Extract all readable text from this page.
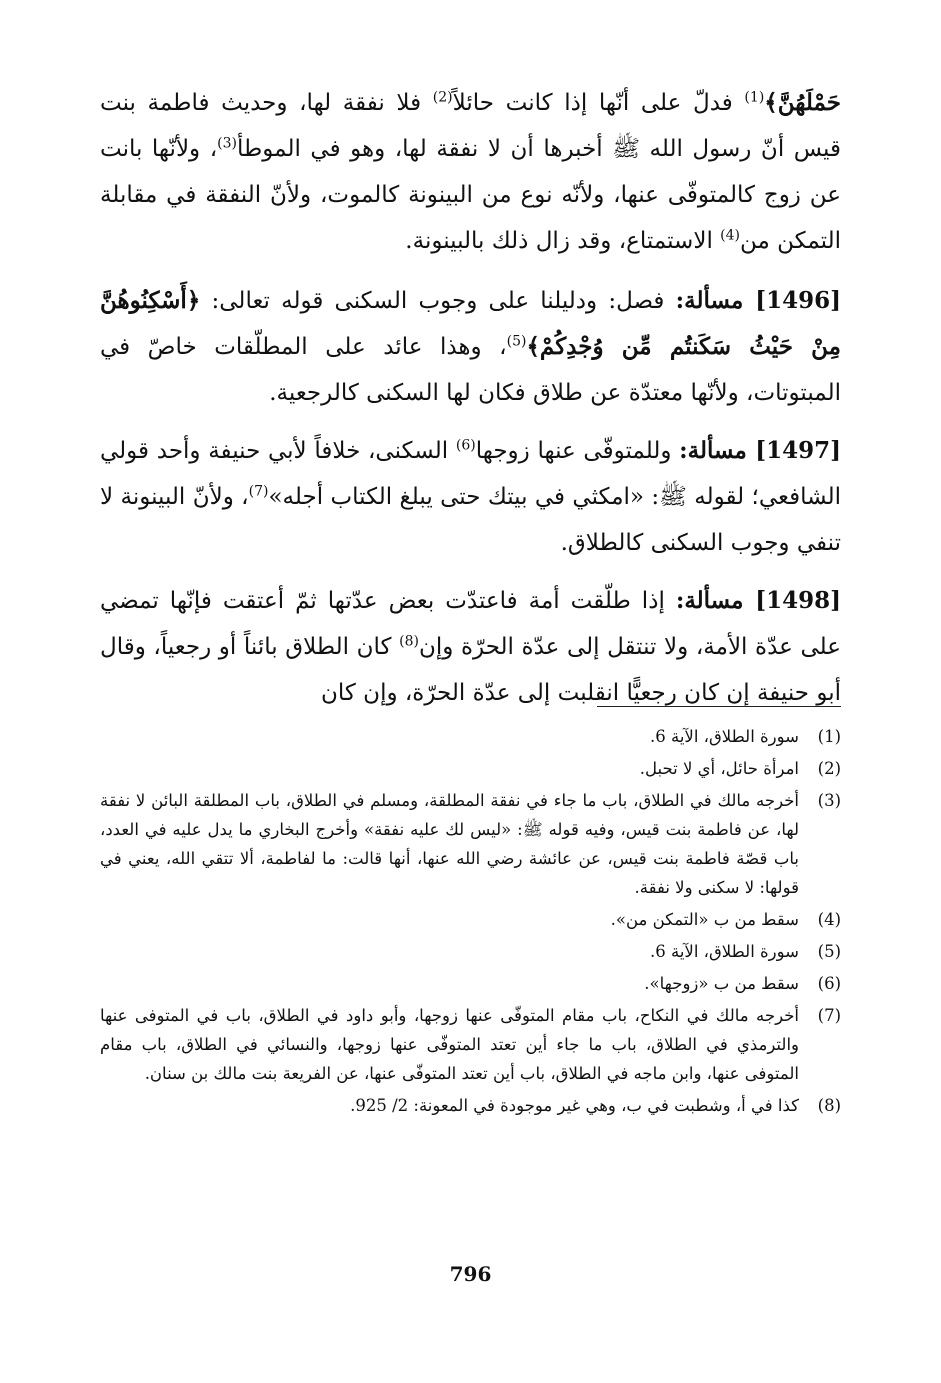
حَمْلَهُنَّ﴾$^{(1)}$ فدلّ على أنّها إذا كانت حائلاً$^{(2)}$ فلا نفقة لها، وحديث فاطمة بنت قيس أنّ رسول الله ﷺ أخبرها أن لا نفقة لها، وهو في الموطأ$^{(3)}$، ولأنّها بانت عن زوج كالمتوفّى عنها، ولأنّه نوع من البينونة كالموت، ولأنّ النفقة في مقابلة التمكن من$^{(4)}$ الاستمتاع، وقد زال ذلك بالبينونة.

[1496] مسألة: فصل: ودليلنا على وجوب السكنى قوله تعالى: ﴿أَسْكِنُوهُنَّ مِنْ حَيْثُ سَكَنتُم مِّن وُجْدِكُمْ﴾$^{(5)}$، وهذا عائد على المطلّقات خاصّ في المبتوتات، ولأنّها معتدّة عن طلاق فكان لها السكنى كالرجعية.

[1497] مسألة: وللمتوفّى عنها زوجها$^{(6)}$ السكنى، خلافاً لأبي حنيفة وأحد قولي الشافعي؛ لقوله ﷺ: «امكثي في بيتك حتى يبلغ الكتاب أجله»$^{(7)}$، ولأنّ البينونة لا تنفي وجوب السكنى كالطلاق.

[1498] مسألة: إذا طلّقت أمة فاعتدّت بعض عدّتها ثمّ أعتقت فإنّها تمضي على عدّة الأمة، ولا تنتقل إلى عدّة الحرّة وإن$^{(8)}$ كان الطلاق بائناً أو رجعياً، وقال أبو حنيفة إن كان رجعيًّا انقلبت إلى عدّة الحرّة، وإن كان

(1)
سورة الطلاق، الآية 6.
(2)
امرأة حائل، أي لا تحبل.
(3)
أخرجه مالك في الطلاق، باب ما جاء في نفقة المطلقة، ومسلم في الطلاق، باب المطلقة البائن لا نفقة لها، عن فاطمة بنت قيس، وفيه قوله ﷺ: «ليس لك عليه نفقة» وأخرج البخاري ما يدل عليه في العدد، باب قصّة فاطمة بنت قيس، عن عائشة رضي الله عنها، أنها قالت: ما لفاطمة، ألا تتقي الله، يعني في قولها: لا سكنى ولا نفقة.
(4)
سقط من ب «التمكن من».
(5)
سورة الطلاق، الآية 6.
(6)
سقط من ب «زوجها».
(7)
أخرجه مالك في النكاح، باب مقام المتوفّى عنها زوجها، وأبو داود في الطلاق، باب في المتوفى عنها والترمذي في الطلاق، باب ما جاء أين تعتد المتوفّى عنها زوجها، والنسائي في الطلاق، باب مقام المتوفى عنها، وابن ماجه في الطلاق، باب أين تعتد المتوفّى عنها، عن الفريعة بنت مالك بن سنان.
(8)
كذا في أ، وشطبت في ب، وهي غير موجودة في المعونة: 2/ 925.
796
